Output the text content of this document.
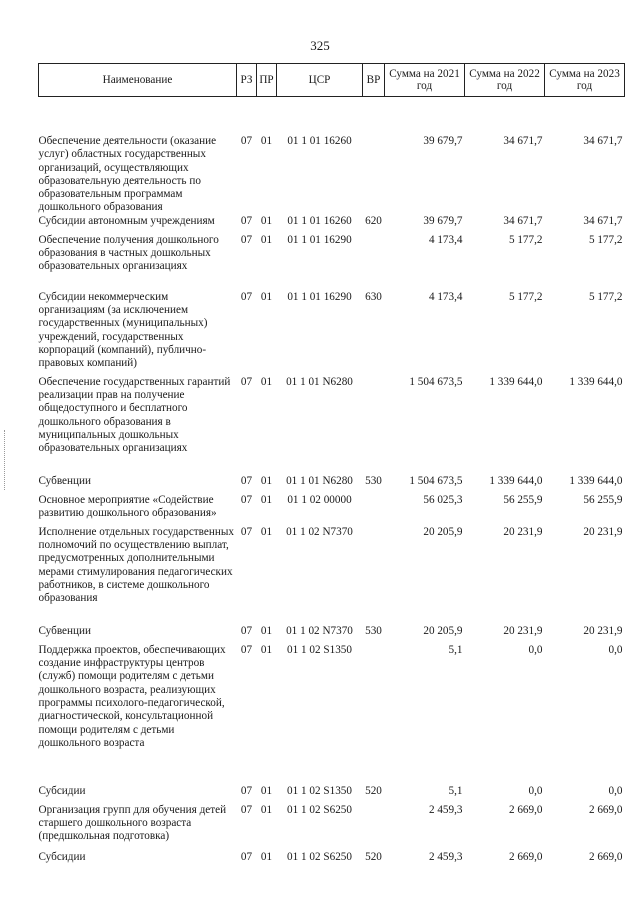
325
Наименование	РЗ	ПР	ЦСР	ВР	Сумма на 2021 год	Сумма на 2022 год	Сумма на 2023 год
Обеспечение деятельности (оказание услуг) областных государственных организаций, осуществляющих образовательную деятельность по образовательным программам дошкольного образования	07	01	01 1 01 16260		39 679,7	34 671,7	34 671,7
Субсидии автономным учреждениям	07	01	01 1 01 16260	620	39 679,7	34 671,7	34 671,7
Обеспечение получения дошкольного образования в частных дошкольных образовательных организациях	07	01	01 1 01 16290		4 173,4	5 177,2	5 177,2
Субсидии некоммерческим организациям (за исключением государственных (муниципальных) учреждений, государственных корпораций (компаний), публично-правовых компаний)	07	01	01 1 01 16290	630	4 173,4	5 177,2	5 177,2
Обеспечение государственных гарантий реализации прав на получение общедоступного и бесплатного дошкольного образования в муниципальных дошкольных образовательных организациях	07	01	01 1 01 N6280		1 504 673,5	1 339 644,0	1 339 644,0
Субвенции	07	01	01 1 01 N6280	530	1 504 673,5	1 339 644,0	1 339 644,0
Основное мероприятие «Содействие развитию дошкольного образования»	07	01	01 1 02 00000		56 025,3	56 255,9	56 255,9
Исполнение отдельных государственных полномочий по осуществлению выплат, предусмотренных дополнительными мерами стимулирования педагогических работников, в системе дошкольного образования	07	01	01 1 02 N7370		20 205,9	20 231,9	20 231,9
Субвенции	07	01	01 1 02 N7370	530	20 205,9	20 231,9	20 231,9
Поддержка проектов, обеспечивающих создание инфраструктуры центров (служб) помощи родителям с детьми дошкольного возраста, реализующих программы психолого-педагогической, диагностической, консультационной помощи родителям с детьми дошкольного возраста	07	01	01 1 02 S1350		5,1	0,0	0,0
Субсидии	07	01	01 1 02 S1350	520	5,1	0,0	0,0
Организация групп для обучения детей старшего дошкольного возраста (предшкольная подготовка)	07	01	01 1 02 S6250		2 459,3	2 669,0	2 669,0
Субсидии	07	01	01 1 02 S6250	520	2 459,3	2 669,0	2 669,0
